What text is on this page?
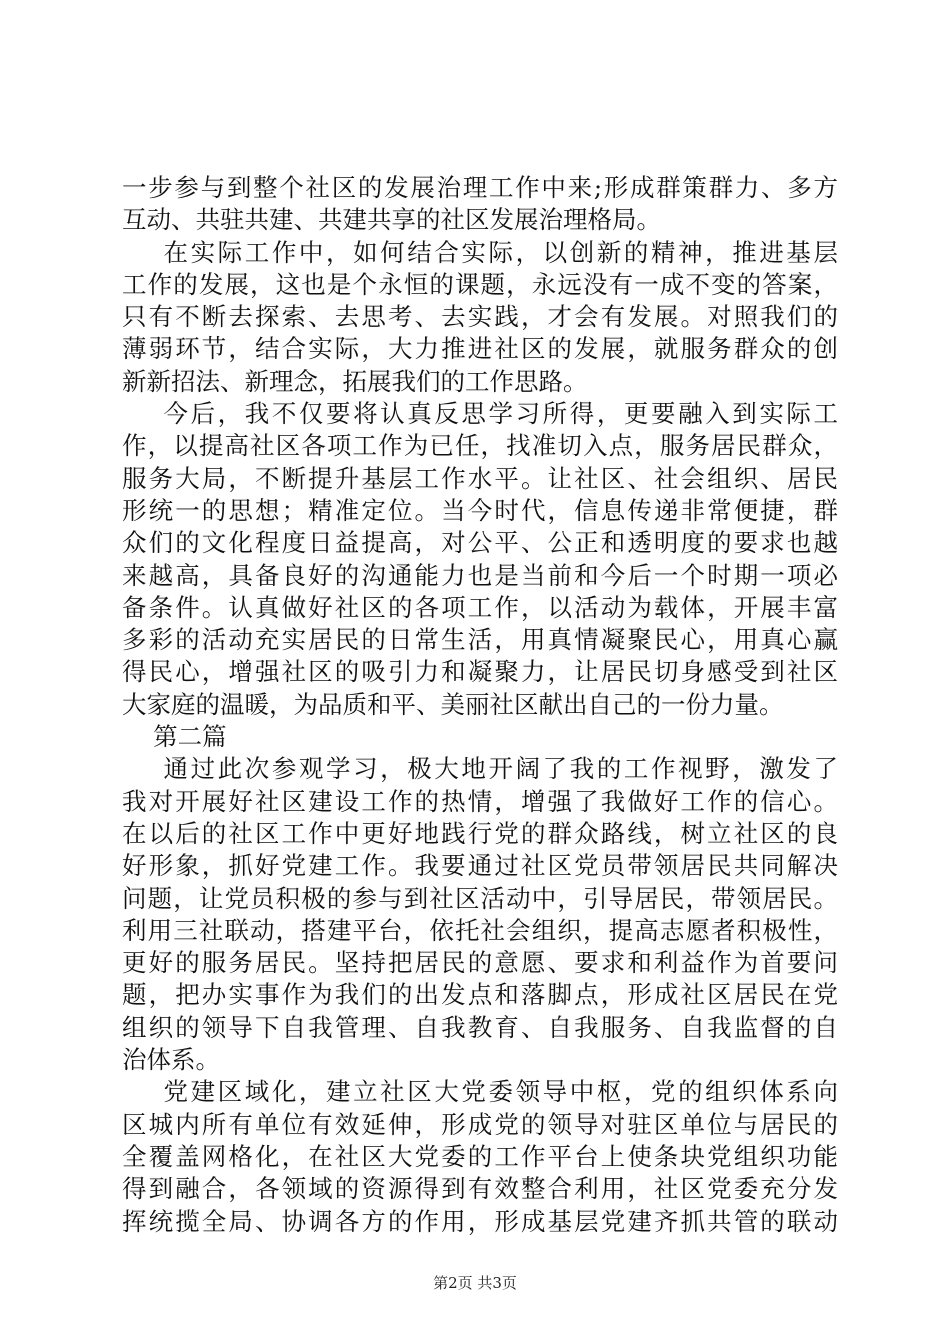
一步参与到整个社区的发展治理工作中来;形成群策群力、多方
互动、共驻共建、共建共享的社区发展治理格局。
在实际工作中，如何结合实际，以创新的精神，推进基层
工作的发展，这也是个永恒的课题，永远没有一成不变的答案，
只有不断去探索、去思考、去实践，才会有发展。对照我们的
薄弱环节，结合实际，大力推进社区的发展，就服务群众的创
新新招法、新理念，拓展我们的工作思路。
今后，我不仅要将认真反思学习所得，更要融入到实际工
作，以提高社区各项工作为已任，找准切入点，服务居民群众，
服务大局，不断提升基层工作水平。让社区、社会组织、居民
形统一的思想；精准定位。当今时代，信息传递非常便捷，群
众们的文化程度日益提高，对公平、公正和透明度的要求也越
来越高，具备良好的沟通能力也是当前和今后一个时期一项必
备条件。认真做好社区的各项工作，以活动为载体，开展丰富
多彩的活动充实居民的日常生活，用真情凝聚民心，用真心赢
得民心，增强社区的吸引力和凝聚力，让居民切身感受到社区
大家庭的温暖，为品质和平、美丽社区献出自己的一份力量。
第二篇
通过此次参观学习，极大地开阔了我的工作视野，激发了
我对开展好社区建设工作的热情，增强了我做好工作的信心。
在以后的社区工作中更好地践行党的群众路线，树立社区的良
好形象，抓好党建工作。我要通过社区党员带领居民共同解决
问题，让党员积极的参与到社区活动中，引导居民，带领居民。
利用三社联动，搭建平台，依托社会组织，提高志愿者积极性，
更好的服务居民。坚持把居民的意愿、要求和利益作为首要问
题，把办实事作为我们的出发点和落脚点，形成社区居民在党
组织的领导下自我管理、自我教育、自我服务、自我监督的自
治体系。
党建区域化，建立社区大党委领导中枢，党的组织体系向
区城内所有单位有效延伸，形成党的领导对驻区单位与居民的
全覆盖网格化，在社区大党委的工作平台上使条块党组织功能
得到融合，各领域的资源得到有效整合利用，社区党委充分发
挥统揽全局、协调各方的作用，形成基层党建齐抓共管的联动
第2页 共3页
